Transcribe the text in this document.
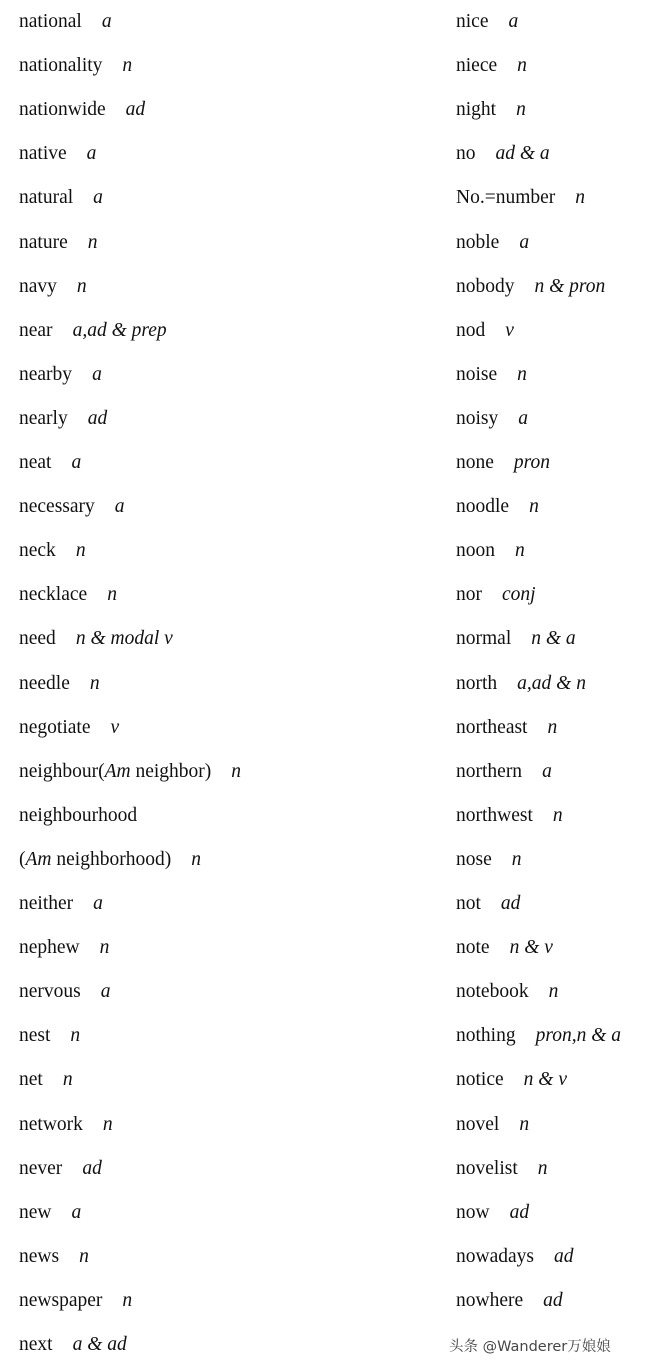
national a
nationality n
nationwide ad
native a
natural a
nature n
navy n
near a,ad & prep
nearby a
nearly ad
neat a
necessary a
neck n
necklace n
need n & modal v
needle n
negotiate v
neighbour(Am neighbor) n
neighbourhood
(Am neighborhood) n
neither a
nephew n
nervous a
nest n
net n
network n
never ad
new a
news n
newspaper n
next a & ad
nice a
niece n
night n
no ad & a
No.=number n
noble a
nobody n & pron
nod v
noise n
noisy a
none pron
noodle n
noon n
nor conj
normal n & a
north a,ad & n
northeast n
northern a
northwest n
nose n
not ad
note n & v
notebook n
nothing pron,n & a
notice n & v
novel n
novelist n
now ad
nowadays ad
nowhere ad
头条 @Wanderer万娘娘
